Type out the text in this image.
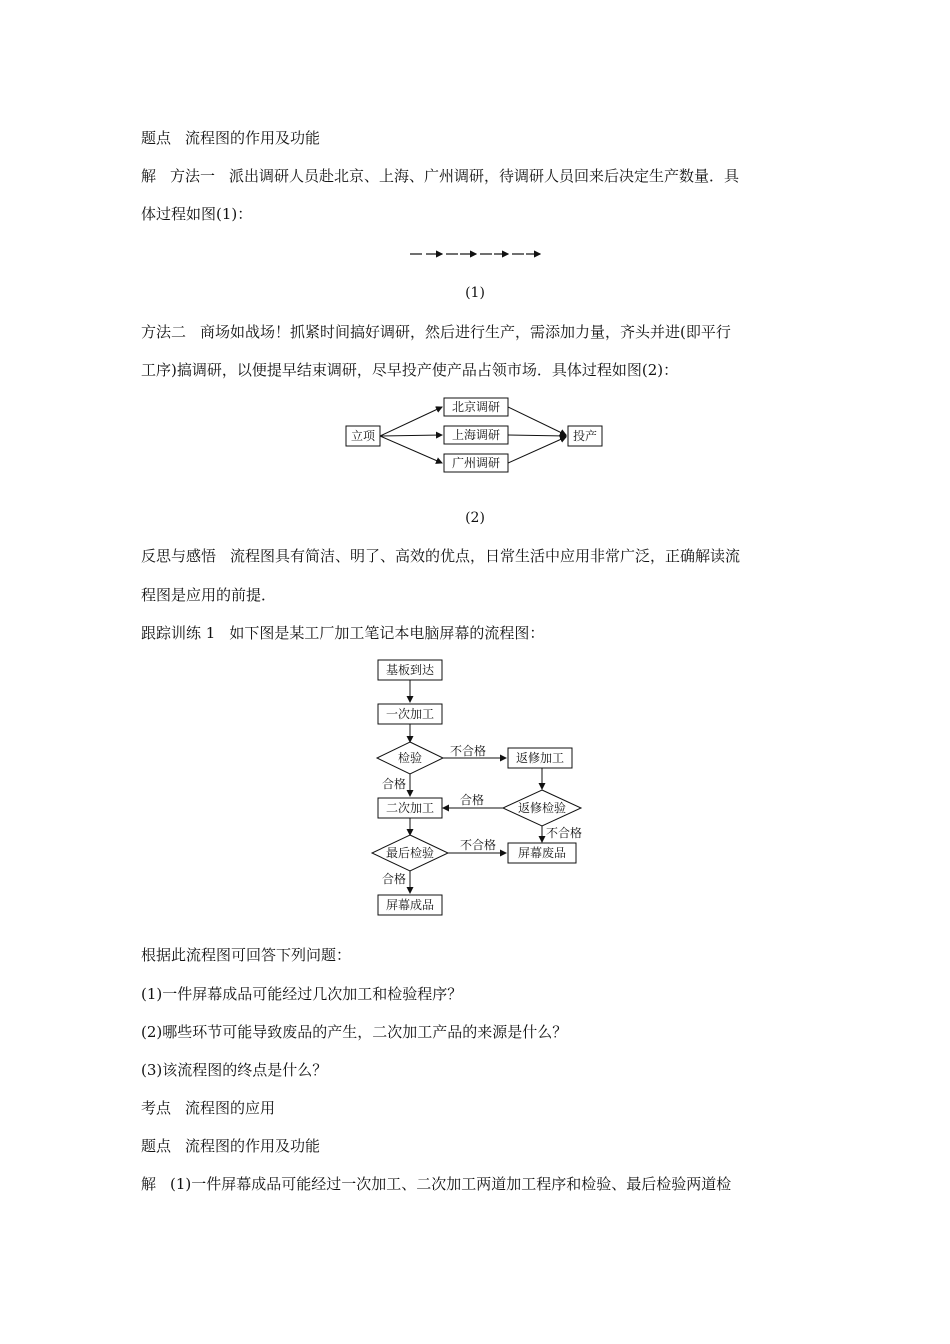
题点 流程图的作用及功能
解 方法一 派出调研人员赴北京、上海、广州调研，待调研人员回来后决定生产数量．具
体过程如图(1)：
(1)
方法二 商场如战场！抓紧时间搞好调研，然后进行生产，需添加力量，齐头并进(即平行
工序)搞调研，以便提早结束调研，尽早投产使产品占领市场．具体过程如图(2)：
立项
北京调研
上海调研
广州调研
投产
(2)
反思与感悟 流程图具有简洁、明了、高效的优点，日常生活中应用非常广泛，正确解读流
程图是应用的前提．
跟踪训练 1 如下图是某工厂加工笔记本电脑屏幕的流程图：
基板到达
一次加工
检验	返修加工
返修检验
二次加工
最后检验	屏幕废品
屏幕成品
不合格
合格
合格
不合格
不合格
合格
根据此流程图可回答下列问题：
(1)一件屏幕成品可能经过几次加工和检验程序？
(2)哪些环节可能导致废品的产生，二次加工产品的来源是什么？
(3)该流程图的终点是什么？
考点 流程图的应用
题点 流程图的作用及功能
解 (1)一件屏幕成品可能经过一次加工、二次加工两道加工程序和检验、最后检验两道检
